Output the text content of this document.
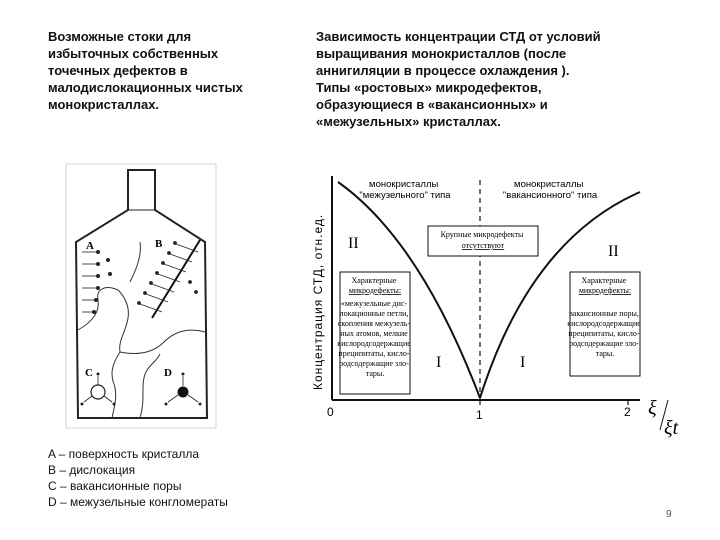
Возможные стоки для
избыточных собственных
точечных дефектов в
малодислокационных чистых
монокристаллах.
Зависимость концентрации СТД от условий
выращивания монокристаллов (после
аннигиляции в процессе охлаждения ).
Типы «ростовых» микродефектов,
образующиеся в «вакансионных» и
«межузельных» кристаллах.
A	B
C	D	Концентрация СТД, отн.ед.
0	1	2 ξ
ξt
монокристаллы "межузельного" типа
монокристаллы "вакансионного" типа
II	II
I	I
Крупные микродефекты отсутствуют
Характерные микродефекты:
«межузельные дис- локационные петли, скопления межузель- ных атомов, мелкие кислородсодержащие преципитаты, кисло- родсодержащие зло- тары.
Характерные микродефекты:
вакансионные поры, кислородсодержащие преципитаты, кисло- родсодержащие зло- тары.
A – поверхность кристалла
B – дислокация
C – вакансионные поры
D – межузельные конгломераты
9
